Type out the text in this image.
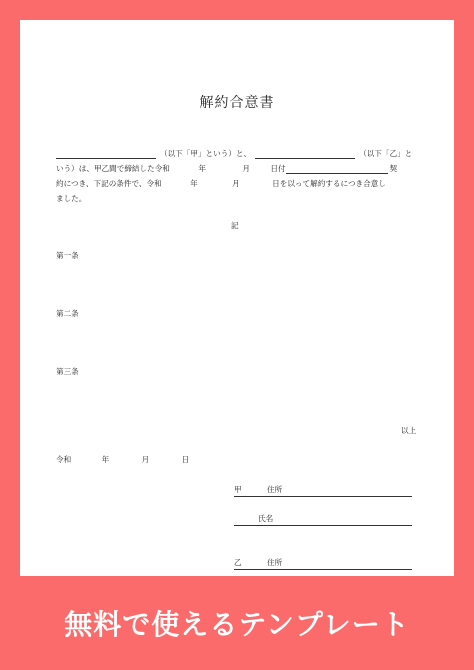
解約合意書
（以下「甲」という）と、	（以下「乙」と
いう）は、甲乙間で締結した令和	年	月	日付	契
約につき、下記の条件で、令和	年	月	日を以って解約するにつき合意し
ました。
記
第一条
第二条
第三条
以上
令和	年	月	日
甲	住所
氏名
乙	住所
無料で使えるテンプレート
